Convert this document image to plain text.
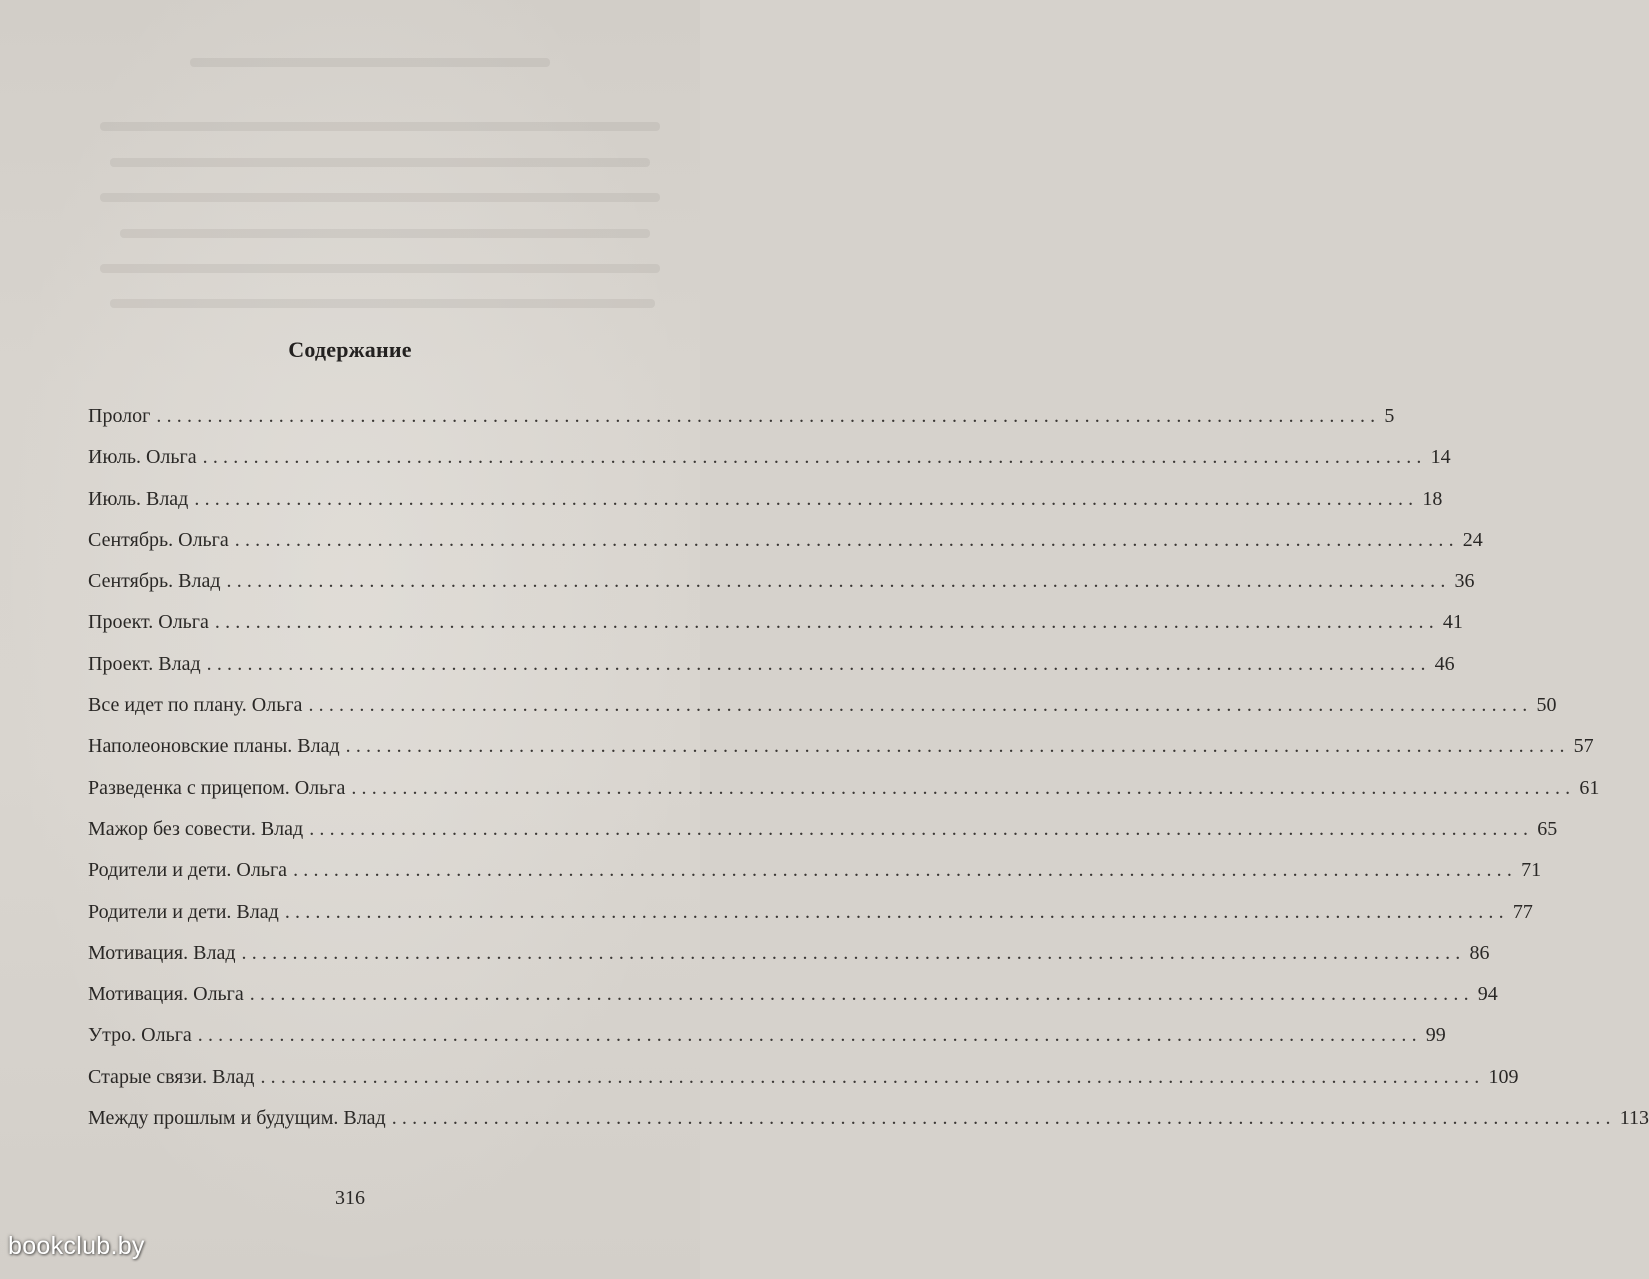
Содержание
Пролог ........................................................................................................................ 5
Июль. Ольга ........................................................................................................................ 14
Июль. Влад ........................................................................................................................ 18
Сентябрь. Ольга ........................................................................................................................ 24
Сентябрь. Влад ........................................................................................................................ 36
Проект. Ольга ........................................................................................................................ 41
Проект. Влад ........................................................................................................................ 46
Все идет по плану. Ольга ........................................................................................................................ 50
Наполеоновские планы. Влад ........................................................................................................................ 57
Разведенка с прицепом. Ольга ........................................................................................................................ 61
Мажор без совести. Влад ........................................................................................................................ 65
Родители и дети. Ольга ........................................................................................................................ 71
Родители и дети. Влад ........................................................................................................................ 77
Мотивация. Влад ........................................................................................................................ 86
Мотивация. Ольга ........................................................................................................................ 94
Утро. Ольга ........................................................................................................................ 99
Старые связи. Влад ........................................................................................................................ 109
Между прошлым и будущим. Влад ........................................................................................................................ 113
316
bookclub.by
